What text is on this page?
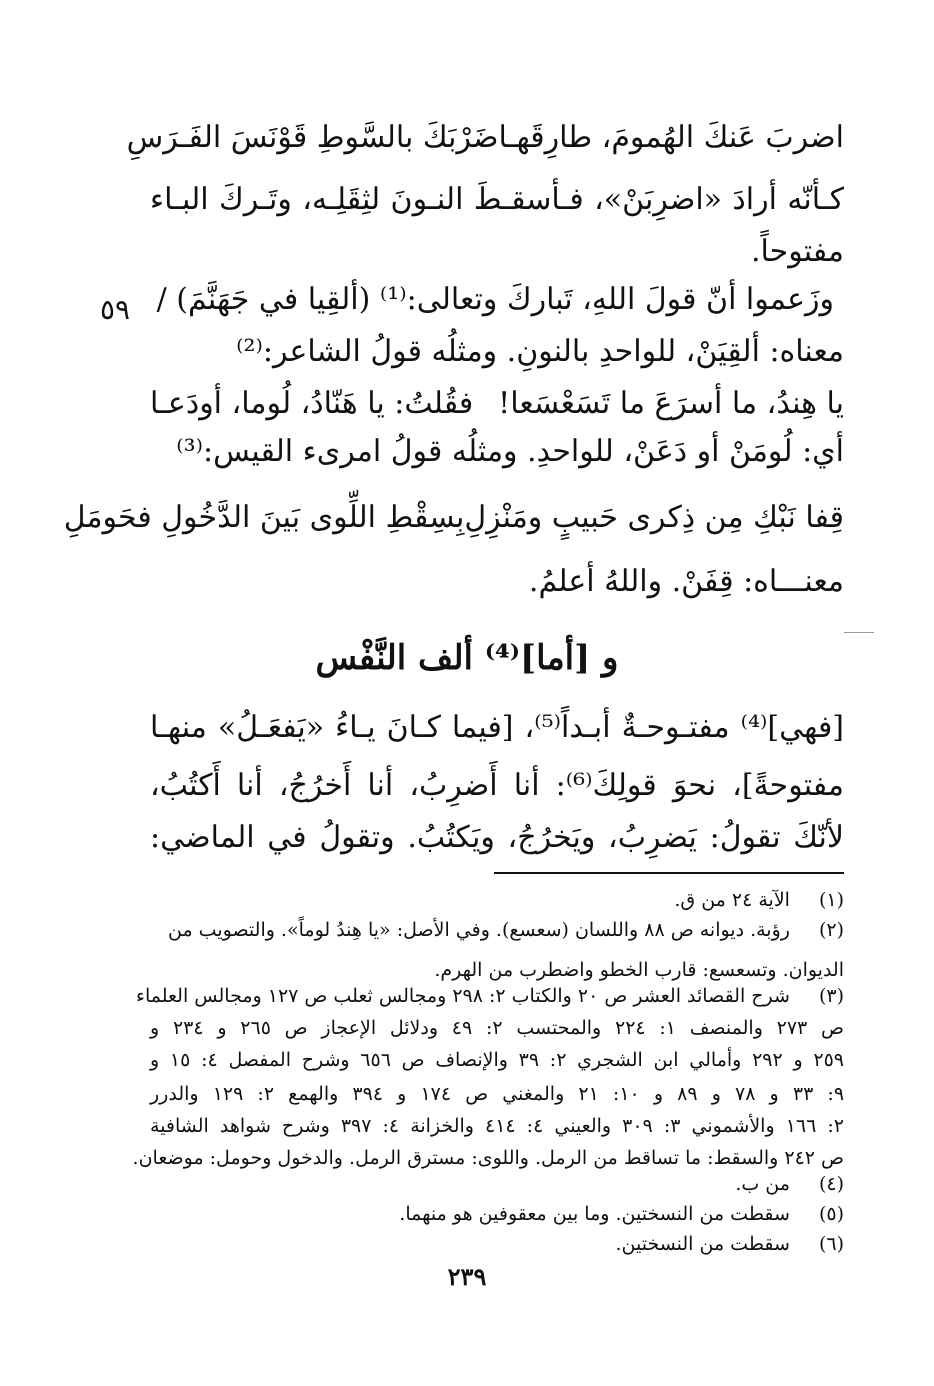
اضربَ عَنكَ الهُمومَ، طارِقَهـا
ضَرْبَكَ بالسَّوطِ قَوْنَسَ الفَـرَسِ
كـأنّه أرادَ «اضرِبَنْ»، فـأسقـطَ النـونَ لثِقَلِـه، وتَـركَ البـاء
مفتوحاً.
وزَعموا أنّ قولَ اللهِ، تَباركَ وتعالى:⁽¹⁾ (ألقِيا في جَهَنَّمَ) /
٥٩
معناه: ألقِيَنْ، للواحدِ بالنونِ. ومثلُه قولُ الشاعر:⁽²⁾
يا هِندُ، ما أسرَعَ ما تَسَعْسَعا!
فقُلتُ: يا هَنّادُ، لُوما، أودَعـا
أي: لُومَنْ أو دَعَنْ، للواحدِ. ومثلُه قولُ امرىء القيس:⁽³⁾
قِفا نَبْكِ مِن ذِكرى حَبيبٍ ومَنْزِلِ
بِسِقْطِ اللِّوى بَينَ الدَّخُولِ فحَومَلِ
معنـــاه: قِفَنْ. واللهُ أعلمُ.
و [أما]⁽⁴⁾ ألف النَّفْس
[فهي]⁽⁴⁾ مفتـوحـةٌ أبـداً⁽⁵⁾، [فيما كـانَ يـاءُ «يَفعَـلُ» منهـا
مفتوحةً]، نحوَ قولِكَ⁽⁶⁾: أنا أَضرِبُ، أنا أَخرُجُ، أنا أَكتُبُ،
لأنّكَ تقولُ: يَضرِبُ، ويَخرُجُ، ويَكتُبُ. وتقولُ في الماضي:
(١) الآية ٢٤ من ق.
(٢) رؤبة. ديوانه ص ٨٨ واللسان (سعسع). وفي الأصل: «يا هِندُ لوماً». والتصويب من
الديوان. وتسعسع: قارب الخطو واضطرب من الهرم.
(٣) شرح القصائد العشر ص ٢٠ والكتاب ٢: ٢٩٨ ومجالس ثعلب ص ١٢٧ ومجالس العلماء
ص ٢٧٣ والمنصف ١: ٢٢٤ والمحتسب ٢: ٤٩ ودلائل الإعجاز ص ٢٦٥ و ٢٣٤ و
٢٥٩ و ٢٩٢ وأمالي ابن الشجري ٢: ٣٩ والإنصاف ص ٦٥٦ وشرح المفصل ٤: ١٥ و
٩: ٣٣ و ٧٨ و ٨٩ و ١٠: ٢١ والمغني ص ١٧٤ و ٣٩٤ والهمع ٢: ١٢٩ والدرر
٢: ١٦٦ والأشموني ٣: ٣٠٩ والعيني ٤: ٤١٤ والخزانة ٤: ٣٩٧ وشرح شواهد الشافية
ص ٢٤٢ والسقط: ما تساقط من الرمل. واللوى: مسترق الرمل. والدخول وحومل: موضعان.
(٤) من ب.
(٥) سقطت من النسختين. وما بين معقوفين هو منهما.
(٦) سقطت من النسختين.
٢٣٩
